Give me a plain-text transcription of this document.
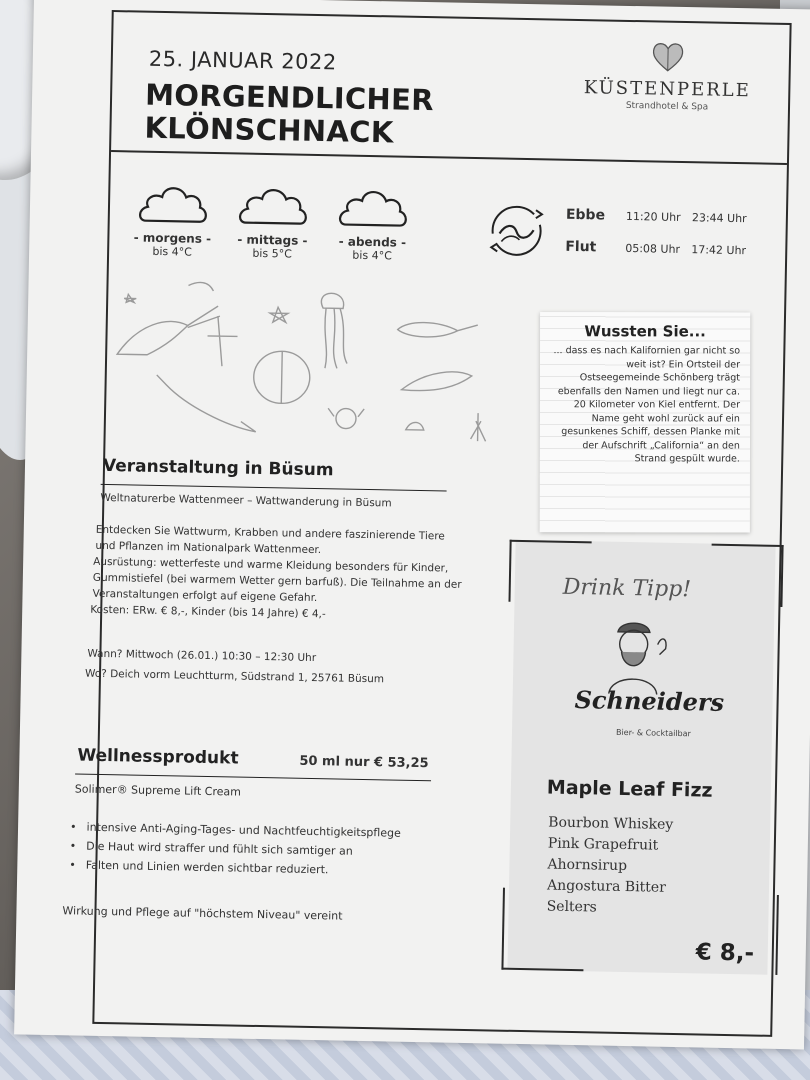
25. JANUAR 2022
MORGENDLICHER
KLÖNSCHNACK
KÜSTENPERLE
Strandhotel & Spa
- morgens -
bis 4°C
- mittags -
bis 5°C
- abends -
bis 4°C
Ebbe 11:20 Uhr 23:44 Uhr
Flut	05:08 Uhr 17:42 Uhr
Wussten Sie...
... dass es nach Kalifornien gar nicht so weit ist? Ein Ortsteil der Ostseegemeinde Schönberg trägt ebenfalls den Namen und liegt nur ca. 20 Kilometer von Kiel entfernt. Der Name geht wohl zurück auf ein gesunkenes Schiff, dessen Planke mit der Aufschrift „California“ an den Strand gespült wurde.
Veranstaltung in Büsum
Weltnaturerbe Wattenmeer – Wattwanderung in Büsum
Entdecken Sie Wattwurm, Krabben und andere faszinierende Tiere und Pflanzen im Nationalpark Wattenmeer.
Ausrüstung: wetterfeste und warme Kleidung besonders für Kinder, Gummistiefel (bei warmem Wetter gern barfuß). Die Teilnahme an der Veranstaltungen erfolgt auf eigene Gefahr.
Kosten: ERw. € 8,-, Kinder (bis 14 Jahre) € 4,-
Wann? Mittwoch (26.01.) 10:30 – 12:30 Uhr
Wo? Deich vorm Leuchtturm, Südstrand 1, 25761 Büsum
Wellnessprodukt	50 ml nur € 53,25
Solimer® Supreme Lift Cream
• intensive Anti-Aging-Tages- und Nachtfeuchtigkeitspflege
• Die Haut wird straffer und fühlt sich samtiger an
• Falten und Linien werden sichtbar reduziert.
Wirkung und Pflege auf "höchstem Niveau" vereint
Drink Tipp!
Schneiders
Bier- & Cocktailbar
Maple Leaf Fizz
Bourbon Whiskey
Pink Grapefruit
Ahornsirup
Angostura Bitter
Selters
€ 8,-
